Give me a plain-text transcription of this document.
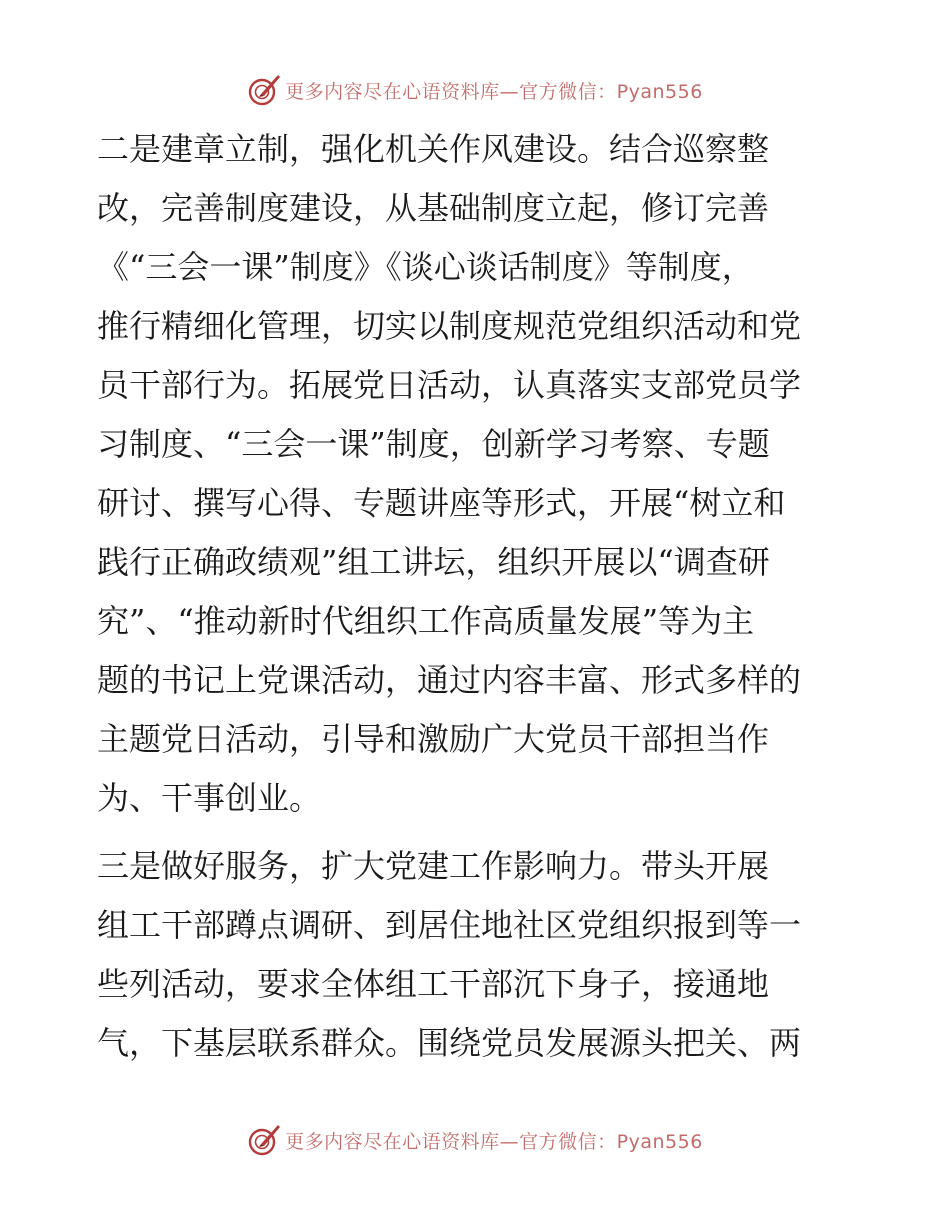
更多内容尽在心语资料库—官方微信：Pyan556
二是建章立制，强化机关作风建设。结合巡察整
改，完善制度建设，从基础制度立起，修订完善
《“三会一课”制度》《谈心谈话制度》等制度，
推行精细化管理，切实以制度规范党组织活动和党
员干部行为。拓展党日活动，认真落实支部党员学
习制度、“三会一课”制度，创新学习考察、专题
研讨、撰写心得、专题讲座等形式，开展“树立和
践行正确政绩观”组工讲坛，组织开展以“调查研
究”、“推动新时代组织工作高质量发展”等为主
题的书记上党课活动，通过内容丰富、形式多样的
主题党日活动，引导和激励广大党员干部担当作
为、干事创业。
三是做好服务，扩大党建工作影响力。带头开展
组工干部蹲点调研、到居住地社区党组织报到等一
些列活动，要求全体组工干部沉下身子，接通地
气，下基层联系群众。围绕党员发展源头把关、两
更多内容尽在心语资料库—官方微信：Pyan556
